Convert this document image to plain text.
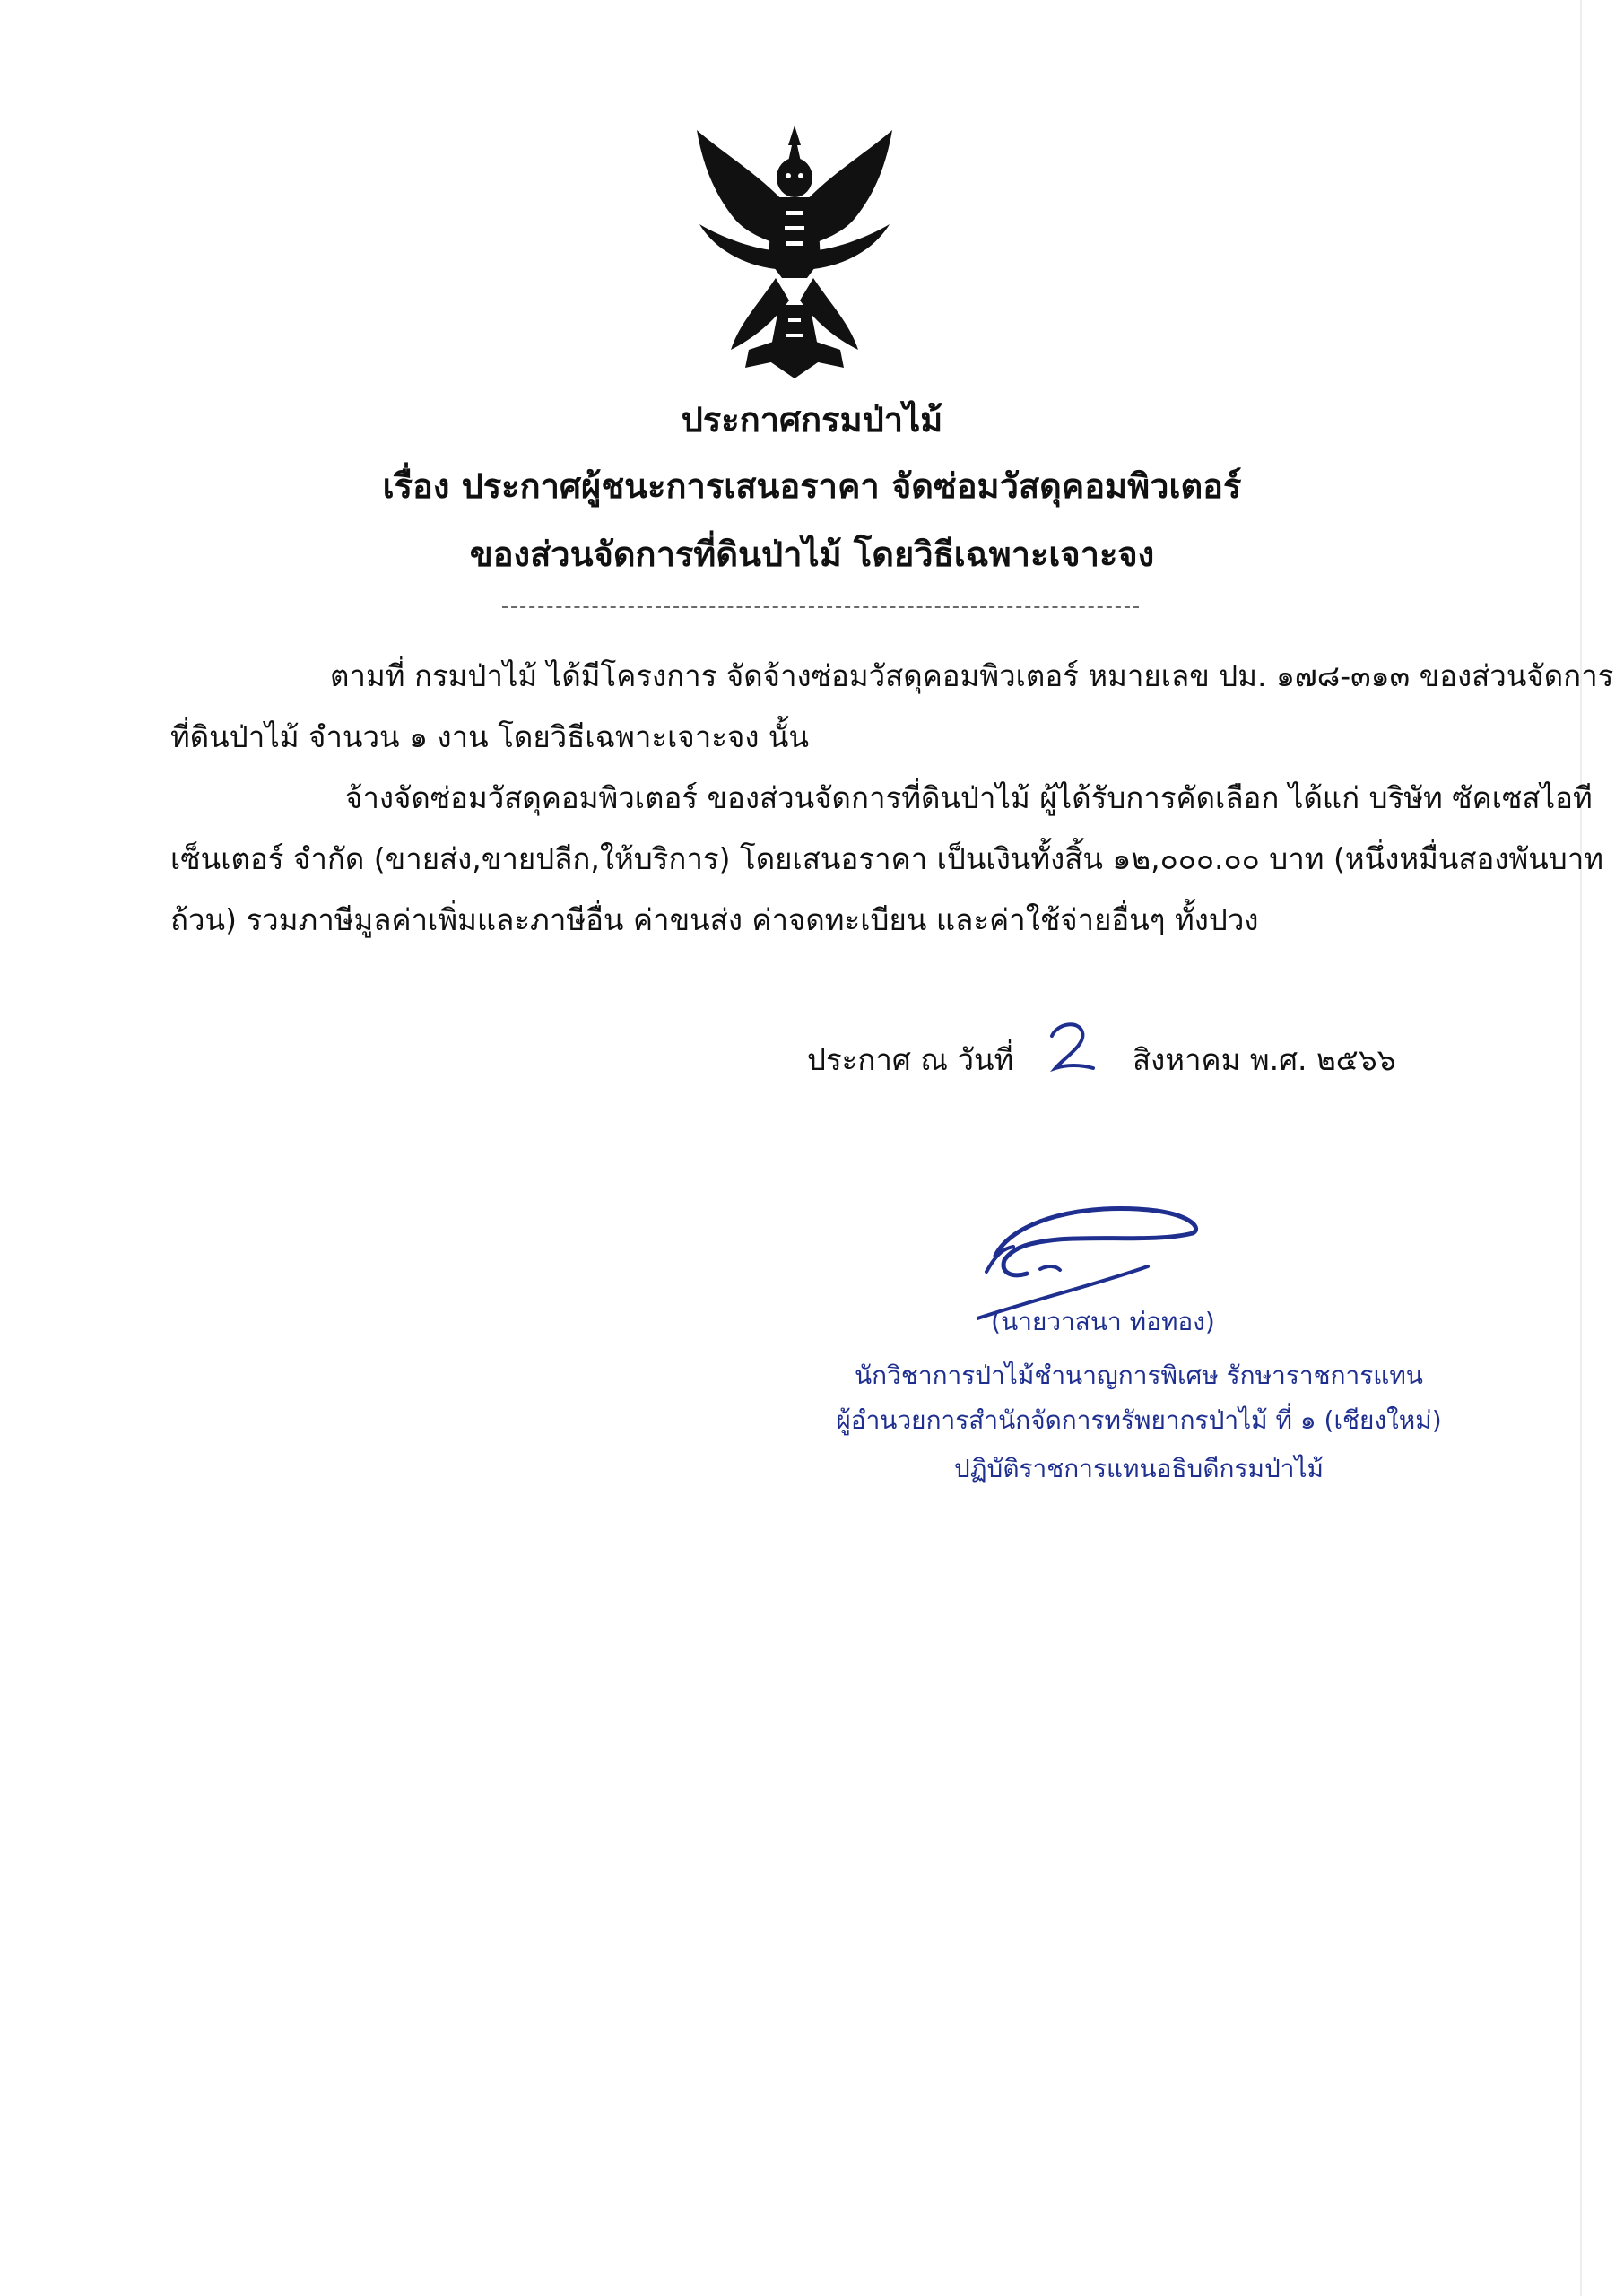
ประกาศกรมป่าไม้
เรื่อง ประกาศผู้ชนะการเสนอราคา จัดซ่อมวัสดุคอมพิวเตอร์
ของส่วนจัดการที่ดินป่าไม้ โดยวิธีเฉพาะเจาะจง
ตามที่ กรมป่าไม้ ได้มีโครงการ จัดจ้างซ่อมวัสดุคอมพิวเตอร์ หมายเลข ปม. ๑๗๘-๓๑๓ ของส่วนจัดการ
ที่ดินป่าไม้ จำนวน ๑ งาน โดยวิธีเฉพาะเจาะจง นั้น
จ้างจัดซ่อมวัสดุคอมพิวเตอร์ ของส่วนจัดการที่ดินป่าไม้ ผู้ได้รับการคัดเลือก ได้แก่ บริษัท ซัคเซสไอที
เซ็นเตอร์ จำกัด (ขายส่ง,ขายปลีก,ให้บริการ) โดยเสนอราคา เป็นเงินทั้งสิ้น ๑๒,๐๐๐.๐๐ บาท (หนึ่งหมื่นสองพันบาท
ถ้วน) รวมภาษีมูลค่าเพิ่มและภาษีอื่น ค่าขนส่ง ค่าจดทะเบียน และค่าใช้จ่ายอื่นๆ ทั้งปวง
ประกาศ ณ วันที่	สิงหาคม พ.ศ. ๒๕๖๖
(นายวาสนา ท่อทอง)
นักวิชาการป่าไม้ชำนาญการพิเศษ รักษาราชการแทน
ผู้อำนวยการสำนักจัดการทรัพยากรป่าไม้ ที่ ๑ (เชียงใหม่)
ปฏิบัติราชการแทนอธิบดีกรมป่าไม้
